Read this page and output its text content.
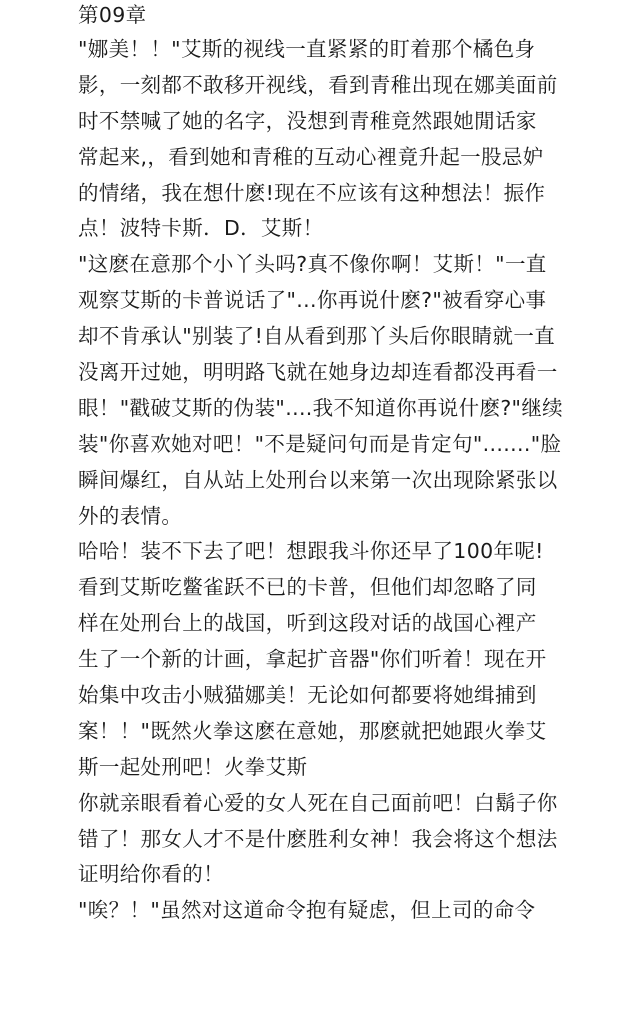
第09章
"娜美！！"艾斯的视线一直紧紧的盯着那个橘色身
影，一刻都不敢移开视线，看到青稚出现在娜美面前
时不禁喊了她的名字，没想到青稚竟然跟她閒话家
常起来,，看到她和青稚的互动心裡竟升起一股忌妒
的情绪，我在想什麽!现在不应该有这种想法！振作
点！波特卡斯．D．艾斯！
"这麽在意那个小丫头吗?真不像你啊！艾斯！"一直
观察艾斯的卡普说话了"...你再说什麽?"被看穿心事
却不肯承认"别装了!自从看到那丫头后你眼睛就一直
没离开过她，明明路飞就在她身边却连看都没再看一
眼！"戳破艾斯的伪装"....我不知道你再说什麽?"继续
装"你喜欢她对吧！"不是疑问句而是肯定句"......."脸
瞬间爆红，自从站上处刑台以来第一次出现除紧张以
外的表情。
哈哈！装不下去了吧！想跟我斗你还早了100年呢!
看到艾斯吃鳖雀跃不已的卡普，但他们却忽略了同
样在处刑台上的战国，听到这段对话的战国心裡产
生了一个新的计画，拿起扩音器"你们听着！现在开
始集中攻击小贼猫娜美！无论如何都要将她缉捕到
案！！"既然火拳这麽在意她，那麽就把她跟火拳艾
斯一起处刑吧！火拳艾斯
你就亲眼看着心爱的女人死在自己面前吧！白鬍子你
错了！那女人才不是什麽胜利女神！我会将这个想法
证明给你看的！
"唉？！"虽然对这道命令抱有疑虑，但上司的命令
